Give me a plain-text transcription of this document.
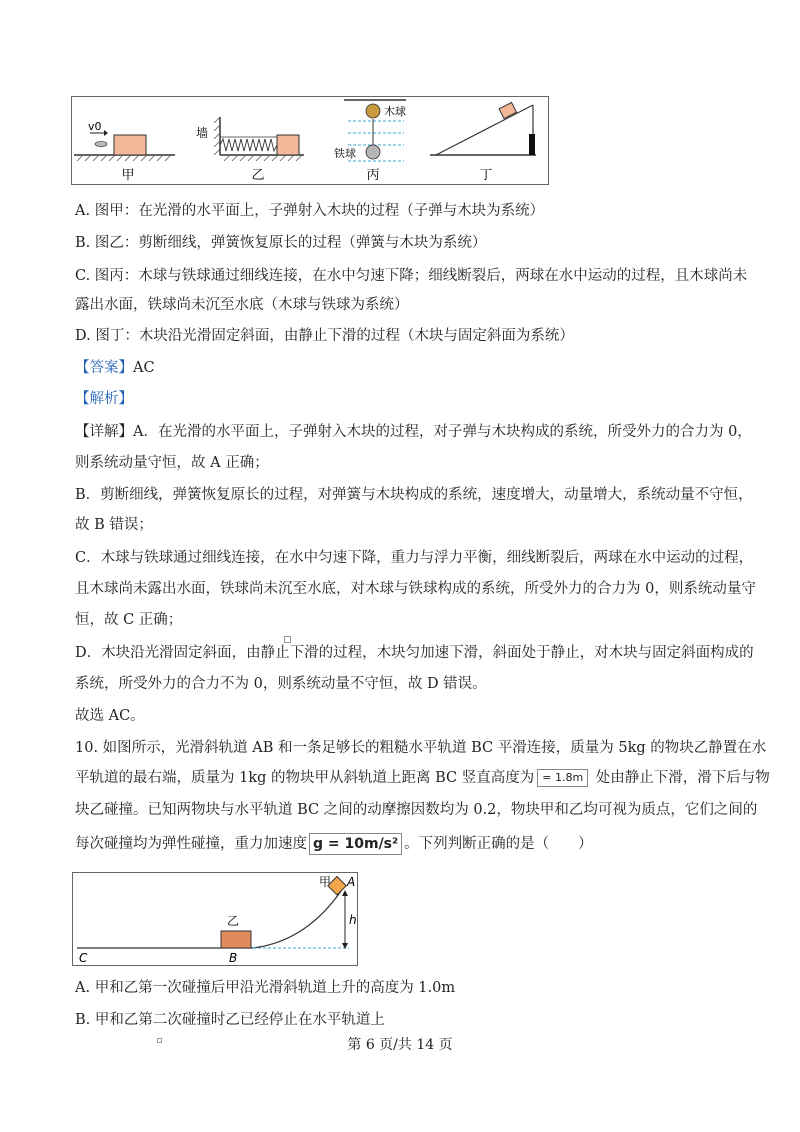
v0	墙
木球
铁球
甲	乙	丙	丁
A. 图甲：在光滑的水平面上，子弹射入木块的过程（子弹与木块为系统）
B. 图乙：剪断细线，弹簧恢复原长的过程（弹簧与木块为系统）
C. 图丙：木球与铁球通过细线连接，在水中匀速下降；细线断裂后，两球在水中运动的过程，且木球尚未
露出水面，铁球尚未沉至水底（木球与铁球为系统）
D. 图丁：木块沿光滑固定斜面，由静止下滑的过程（木块与固定斜面为系统）
【答案】AC
【解析】
【详解】A．在光滑的水平面上，子弹射入木块的过程，对子弹与木块构成的系统，所受外力的合力为 0，
则系统动量守恒，故 A 正确；
B．剪断细线，弹簧恢复原长的过程，对弹簧与木块构成的系统，速度增大，动量增大，系统动量不守恒，
故 B 错误；
C．木球与铁球通过细线连接，在水中匀速下降，重力与浮力平衡，细线断裂后，两球在水中运动的过程，
且木球尚未露出水面，铁球尚未沉至水底，对木球与铁球构成的系统，所受外力的合力为 0，则系统动量守
恒，故 C 正确；
D．木块沿光滑固定斜面，由静止下滑的过程，木块匀加速下滑，斜面处于静止，对木块与固定斜面构成的
系统，所受外力的合力不为 0，则系统动量不守恒，故 D 错误。
故选 AC。
10. 如图所示，光滑斜轨道 AB 和一条足够长的粗糙水平轨道 BC 平滑连接，质量为 5kg 的物块乙静置在水
平轨道的最右端，质量为 1kg 的物块甲从斜轨道上距离 BC 竖直高度为 = 1.8m 处由静止下滑，滑下后与物
块乙碰撞。已知两物块与水平轨道 BC 之间的动摩擦因数均为 0.2，物块甲和乙均可视为质点，它们之间的
每次碰撞均为弹性碰撞，重力加速度 g = 10m/s² 。下列判断正确的是（　　）
乙
甲 A
B
C
h
A. 甲和乙第一次碰撞后甲沿光滑斜轨道上升的高度为 1.0m
B. 甲和乙第二次碰撞时乙已经停止在水平轨道上
第 6 页/共 14 页
